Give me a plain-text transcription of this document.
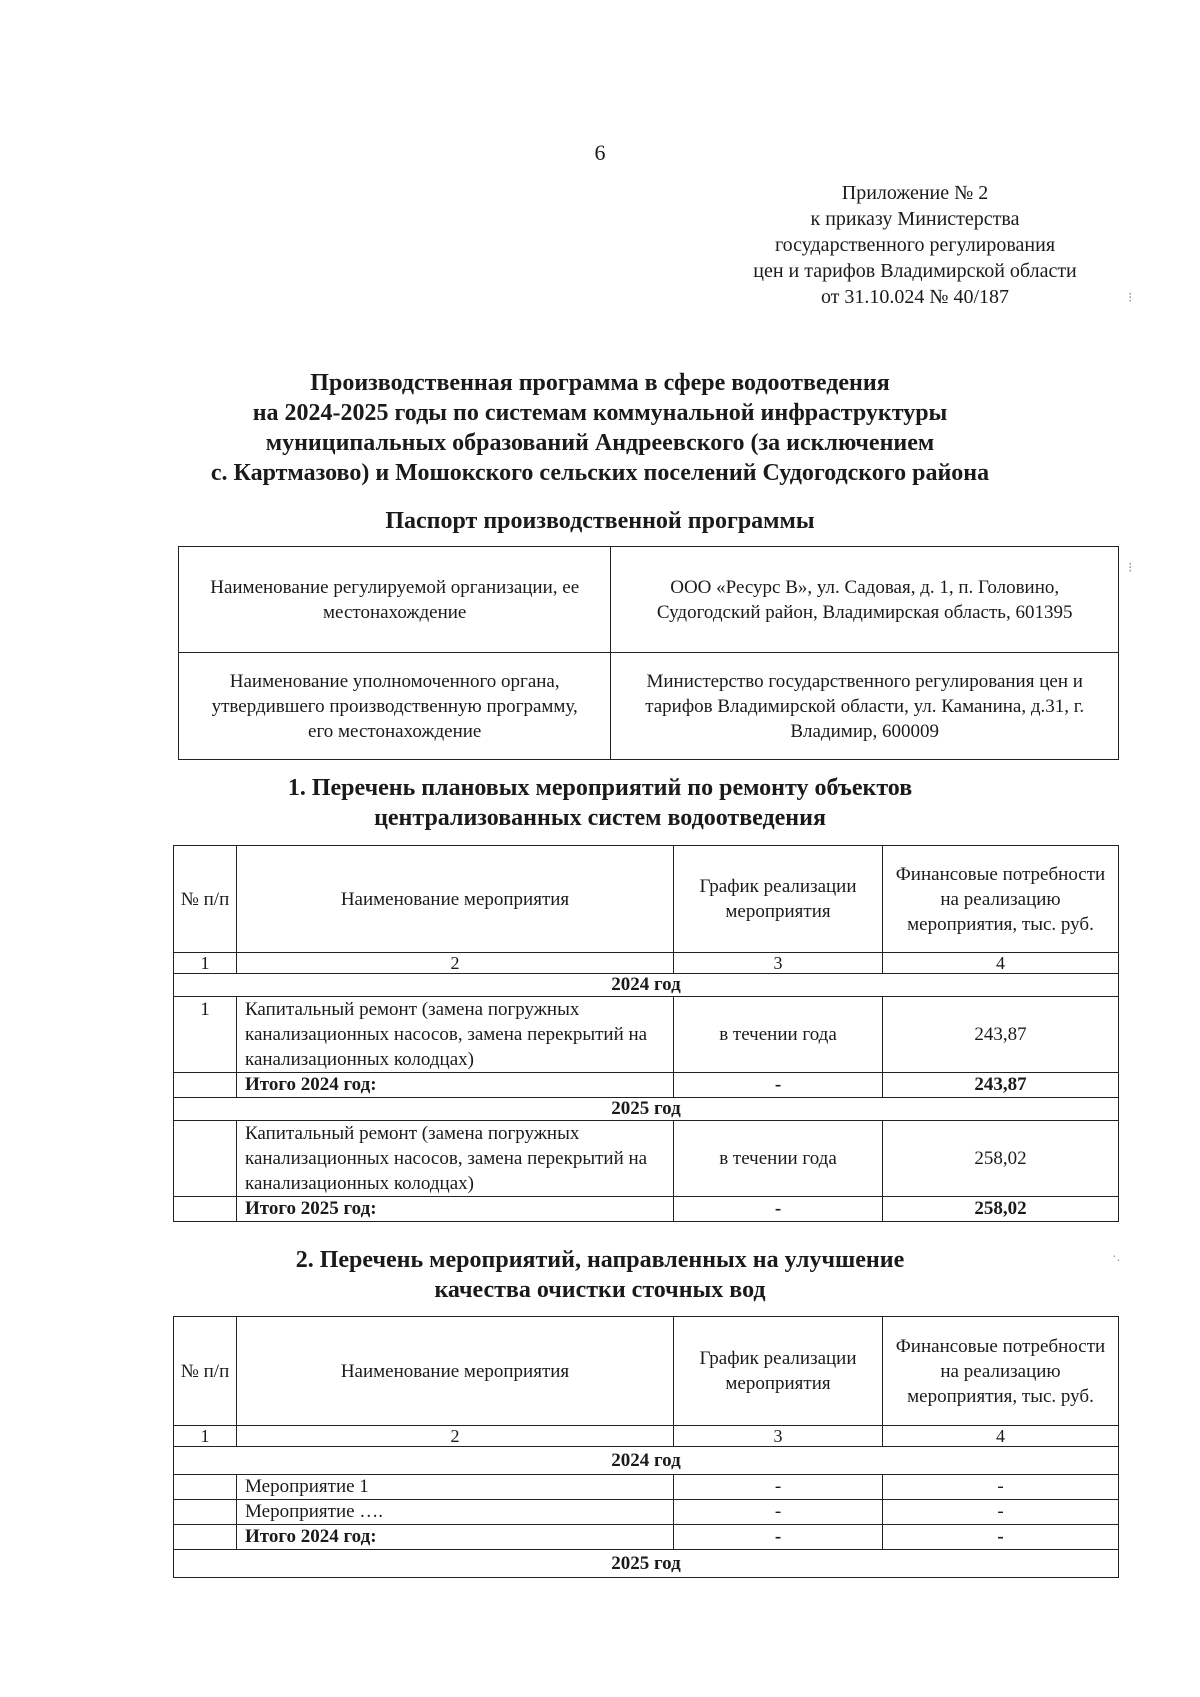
6
Приложение № 2
к приказу Министерства
государственного регулирования
цен и тарифов Владимирской области
от 31.10.024 № 40/187
Производственная программа в сфере водоотведения
на 2024-2025 годы по системам коммунальной инфраструктуры
муниципальных образований Андреевского (за исключением
с. Картмазово) и Мошокского сельских поселений Судогодского района
Паспорт производственной программы
Наименование регулируемой организации, ее местонахождение	ООО «Ресурс В», ул. Садовая, д. 1, п. Головино, Судогодский район, Владимирская область, 601395
Наименование уполномоченного органа, утвердившего производственную программу, его местонахождение	Министерство государственного регулирования цен и тарифов Владимирской области, ул. Каманина, д.31, г. Владимир, 600009
1. Перечень плановых мероприятий по ремонту объектов
централизованных систем водоотведения
№ п/п	Наименование мероприятия	График реализации мероприятия	Финансовые потребности на реализацию мероприятия, тыс. руб.
1	2	3	4
2024 год			
1	Капитальный ремонт (замена погружных канализационных насосов, замена перекрытий на канализационных колодцах)	в течении года	243,87
	Итого 2024 год:	-	243,87
2025 год			
	Капитальный ремонт (замена погружных канализационных насосов, замена перекрытий на канализационных колодцах)	в течении года	258,02
	Итого 2025 год:	-	258,02
2. Перечень мероприятий, направленных на улучшение
качества очистки сточных вод
№ п/п	Наименование мероприятия	График реализации мероприятия	Финансовые потребности на реализацию мероприятия, тыс. руб.
1	2	3	4
2024 год			
	Мероприятие 1	-	-
	Мероприятие ….	-	-
	Итого 2024 год:	-	-
2025 год			
⁝
⁝
·.
